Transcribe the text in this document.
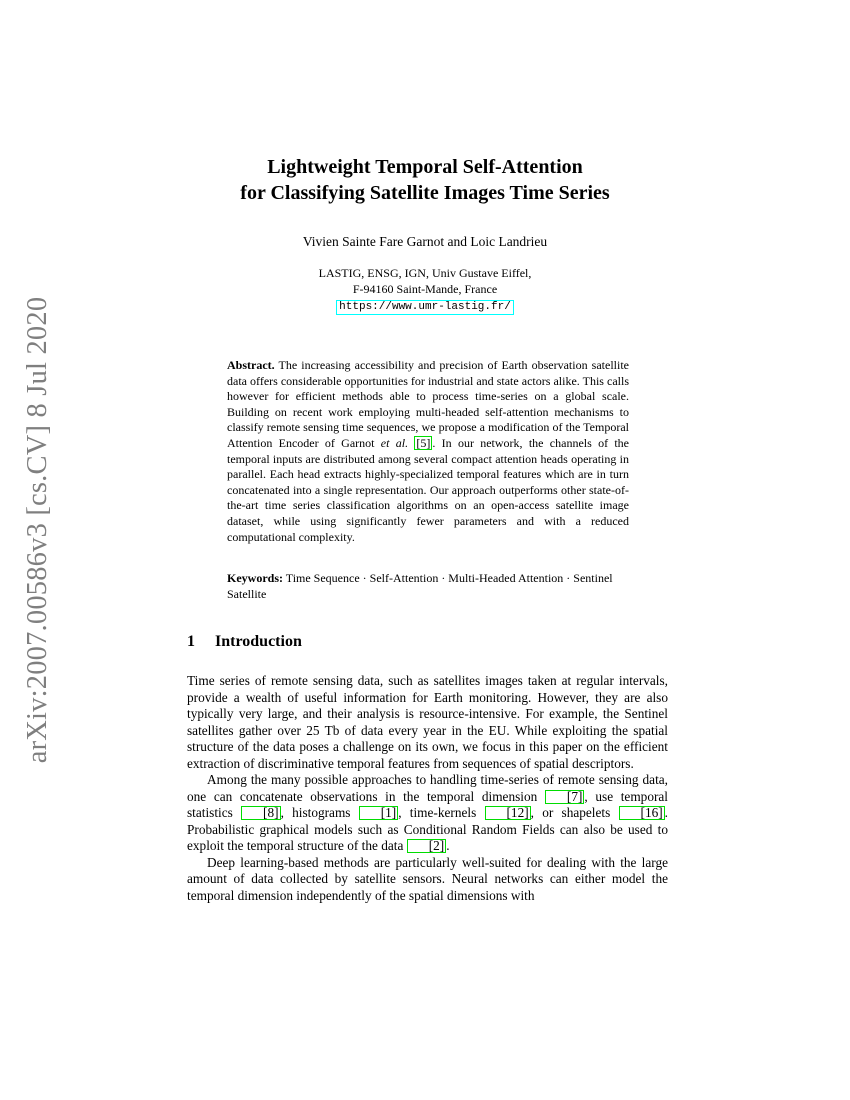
arXiv:2007.00586v3 [cs.CV] 8 Jul 2020
Lightweight Temporal Self-Attention
for Classifying Satellite Images Time Series
Vivien Sainte Fare Garnot and Loic Landrieu
LASTIG, ENSG, IGN, Univ Gustave Eiffel,
F-94160 Saint-Mande, France
https://www.umr-lastig.fr/
Abstract. The increasing accessibility and precision of Earth observation satellite data offers considerable opportunities for industrial and state actors alike. This calls however for efficient methods able to process time-series on a global scale. Building on recent work employing multi-headed self-attention mechanisms to classify remote sensing time sequences, we propose a modification of the Temporal Attention Encoder of Garnot et al. [5] . In our network, the channels of the temporal inputs are distributed among several compact attention heads operating in parallel. Each head extracts highly-specialized temporal features which are in turn concatenated into a single representation. Our approach outperforms other state-of-the-art time series classification algorithms on an open-access satellite image dataset, while using significantly fewer parameters and with a reduced computational complexity.
Keywords: Time Sequence · Self-Attention · Multi-Headed Attention · Sentinel Satellite
1 Introduction

Time series of remote sensing data, such as satellites images taken at regular intervals, provide a wealth of useful information for Earth monitoring. However, they are also typically very large, and their analysis is resource-intensive. For example, the Sentinel satellites gather over 25 Tb of data every year in the EU. While exploiting the spatial structure of the data poses a challenge on its own, we focus in this paper on the efficient extraction of discriminative temporal features from sequences of spatial descriptors.

Among the many possible approaches to handling time-series of remote sensing data, one can concatenate observations in the temporal dimension [7] , use temporal statistics [8] , histograms [1] , time-kernels [12] , or shapelets [16] . Probabilistic graphical models such as Conditional Random Fields can also be used to exploit the temporal structure of the data [2] .

Deep learning-based methods are particularly well-suited for dealing with the large amount of data collected by satellite sensors. Neural networks can either model the temporal dimension independently of the spatial dimensions with
